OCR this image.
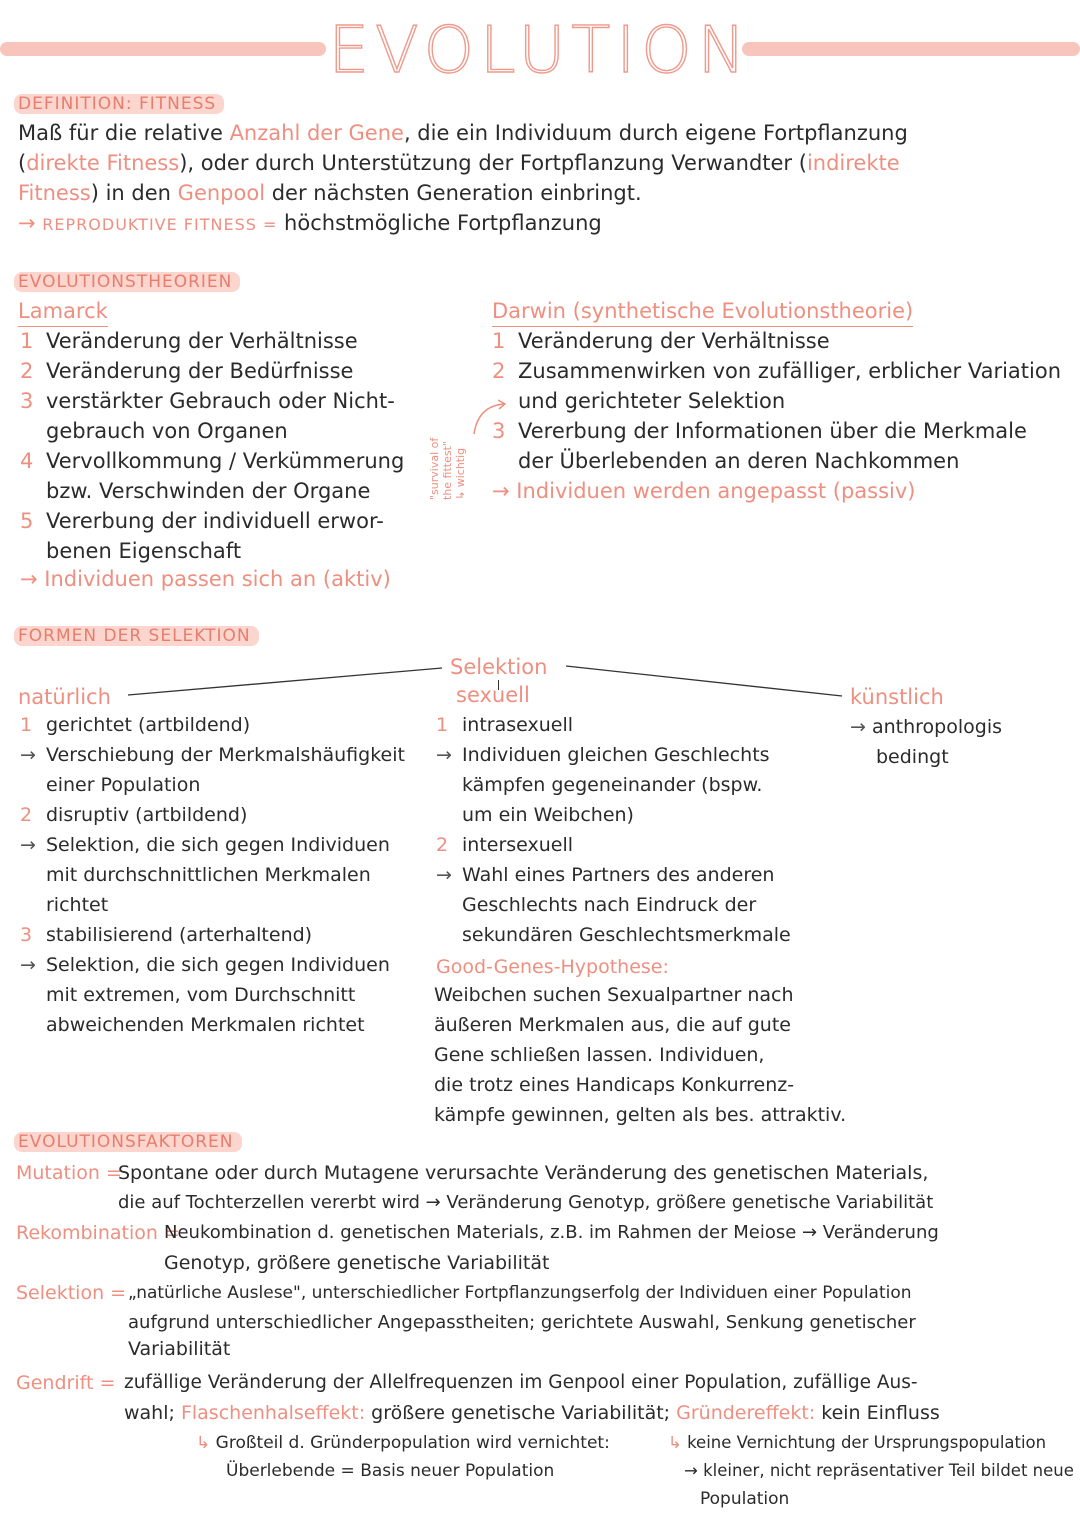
EVOLUTION
DEFINITION: FITNESS
Maß für die relative Anzahl der Gene, die ein Individuum durch eigene Fortpflanzung
(direkte Fitness), oder durch Unterstützung der Fortpflanzung Verwandter (indirekte
Fitness) in den Genpool der nächsten Generation einbringt.
→ REPRODUKTIVE FITNESS = höchstmögliche Fortpflanzung
EVOLUTIONSTHEORIEN
Lamarck
1 Veränderung der Verhältnisse
2 Veränderung der Bedürfnisse
3 verstärkter Gebrauch oder Nicht-
gebrauch von Organen
4 Vervollkommung / Verkümmerung
bzw. Verschwinden der Organe
5 Vererbung der individuell erwor-
benen Eigenschaft
→ Individuen passen sich an (aktiv)
"survival of the fittest" ↳ wichtig
Darwin (synthetische Evolutionstheorie)
1 Veränderung der Verhältnisse
2 Zusammenwirken von zufälliger, erblicher Variation
und gerichteter Selektion
3 Vererbung der Informationen über die Merkmale
der Überlebenden an deren Nachkommen
→ Individuen werden angepasst (passiv)
FORMEN DER SELEKTION
Selektion
sexuell
natürlich	künstlich
1 gerichtet (artbildend)
→ Verschiebung der Merkmalshäufigkeit
einer Population
2 disruptiv (artbildend)
→ Selektion, die sich gegen Individuen
mit durchschnittlichen Merkmalen
richtet
3 stabilisierend (arterhaltend)
→ Selektion, die sich gegen Individuen
mit extremen, vom Durchschnitt
abweichenden Merkmalen richtet
1 intrasexuell
→ Individuen gleichen Geschlechts
kämpfen gegeneinander (bspw.
um ein Weibchen)
2 intersexuell
→ Wahl eines Partners des anderen
Geschlechts nach Eindruck der
sekundären Geschlechtsmerkmale
Good-Genes-Hypothese:
Weibchen suchen Sexualpartner nach
äußeren Merkmalen aus, die auf gute
Gene schließen lassen. Individuen,
die trotz eines Handicaps Konkurrenz-
kämpfe gewinnen, gelten als bes. attraktiv.
→ anthropologis
bedingt
EVOLUTIONSFAKTOREN
Mutation =
Spontane oder durch Mutagene verursachte Veränderung des genetischen Materials,
die auf Tochterzellen vererbt wird → Veränderung Genotyp, größere genetische Variabilität
Rekombination =
Neukombination d. genetischen Materials, z.B. im Rahmen der Meiose → Veränderung
Genotyp, größere genetische Variabilität
Selektion = „natürliche Auslese", unterschiedlicher Fortpflanzungserfolg der Individuen einer Population
aufgrund unterschiedlicher Angepasstheiten; gerichtete Auswahl, Senkung genetischer
Variabilität
Gendrift = zufällige Veränderung der Allelfrequenzen im Genpool einer Population, zufällige Aus-
wahl; Flaschenhalseffekt: größere genetische Variabilität; Gründereffekt: kein Einfluss
↳ Großteil d. Gründerpopulation wird vernichtet:
Überlebende = Basis neuer Population
↳ keine Vernichtung der Ursprungspopulation
→ kleiner, nicht repräsentativer Teil bildet neue
Population
